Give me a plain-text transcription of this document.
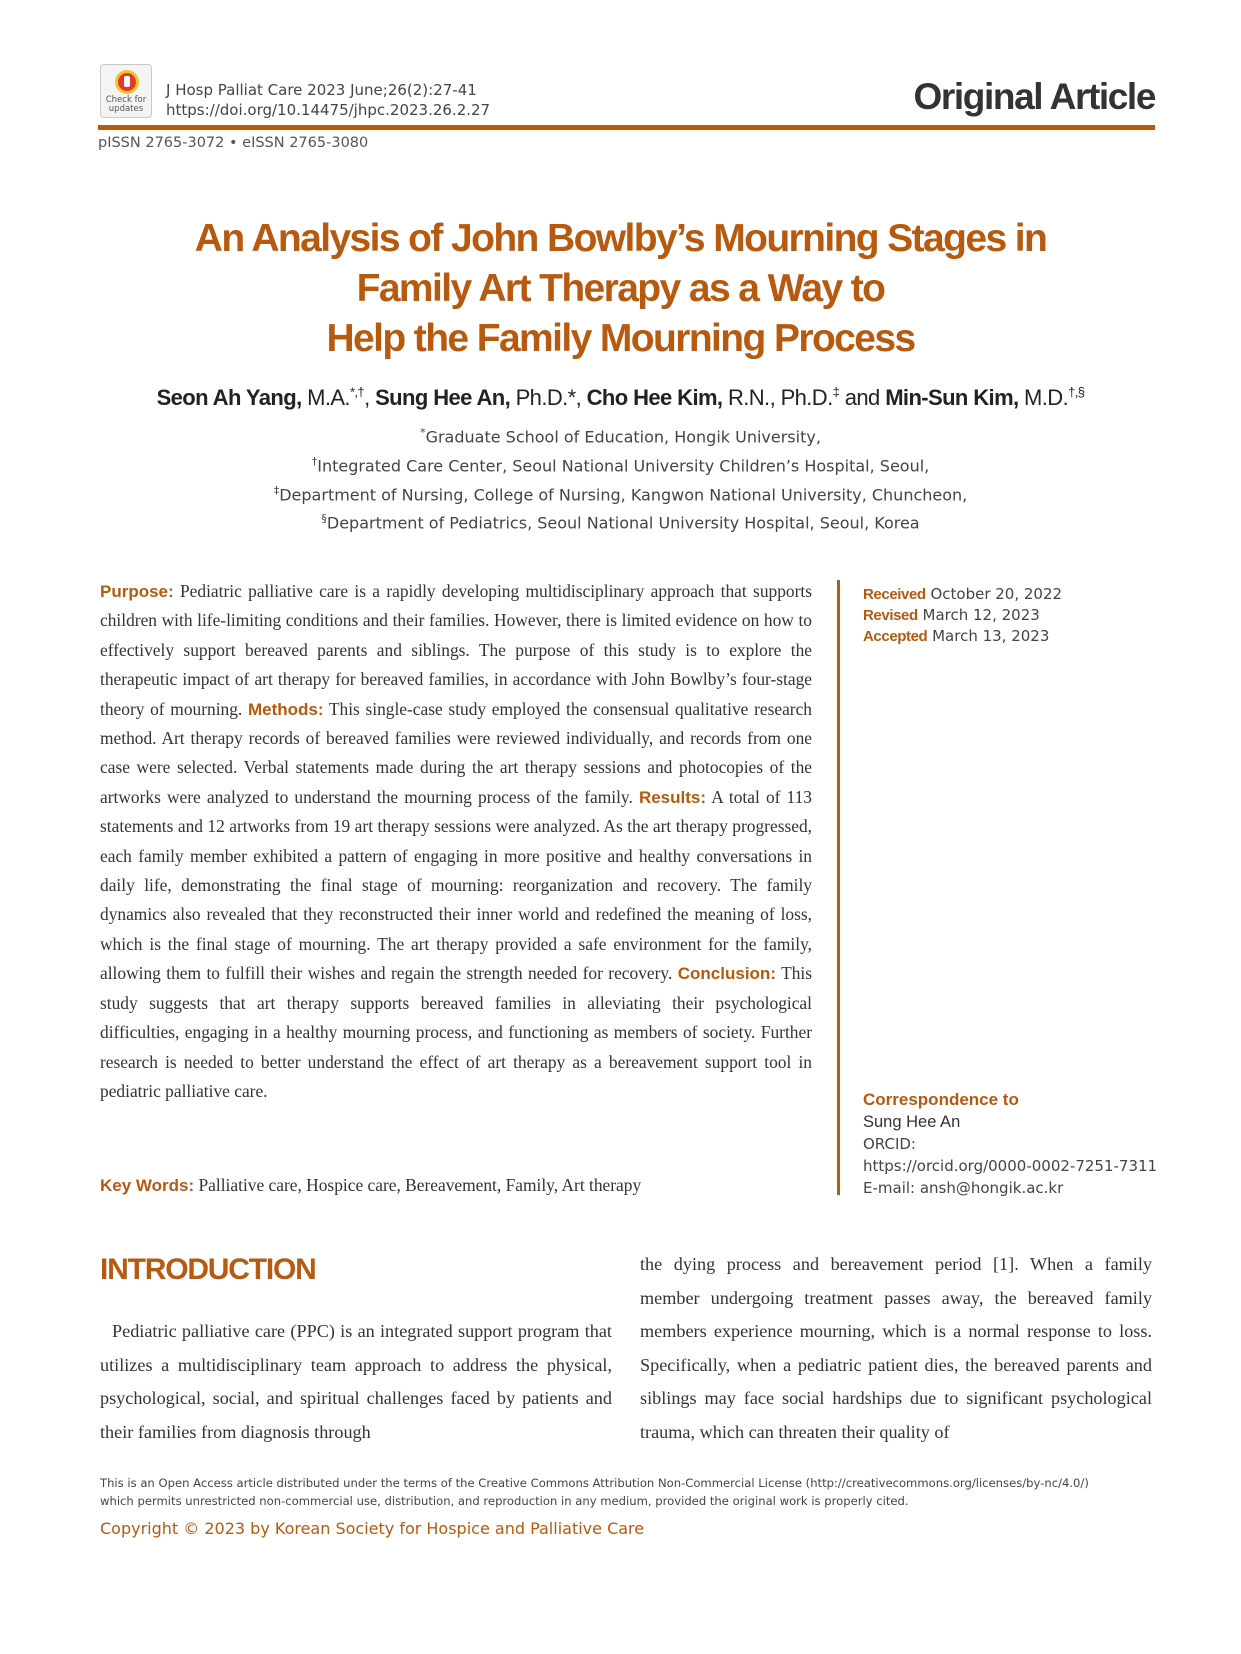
Check for updates
J Hosp Palliat Care 2023 June;26(2):27-41
https://doi.org/10.14475/jhpc.2023.26.2.27	Original Article
pISSN 2765-3072 • eISSN 2765-3080
An Analysis of John Bowlby’s Mourning Stages in
Family Art Therapy as a Way to
Help the Family Mourning Process
Seon Ah Yang, M.A.*,†, Sung Hee An, Ph.D.*, Cho Hee Kim, R.N., Ph.D.‡ and Min-Sun Kim, M.D.†,§
*Graduate School of Education, Hongik University,
†Integrated Care Center, Seoul National University Children’s Hospital, Seoul,
‡Department of Nursing, College of Nursing, Kangwon National University, Chuncheon,
§Department of Pediatrics, Seoul National University Hospital, Seoul, Korea
Purpose: Pediatric palliative care is a rapidly developing multidisciplinary approach that supports children with life-limiting conditions and their families. However, there is limited evidence on how to effectively support bereaved parents and siblings. The purpose of this study is to explore the therapeutic impact of art therapy for bereaved families, in accordance with John Bowlby’s four-stage theory of mourning. Methods: This single-case study employed the consensual qualitative research method. Art therapy records of bereaved families were reviewed individually, and records from one case were selected. Verbal statements made during the art therapy sessions and photocopies of the artworks were analyzed to understand the mourning process of the family. Results: A total of 113 statements and 12 artworks from 19 art therapy sessions were analyzed. As the art therapy progressed, each family member exhibited a pattern of engaging in more positive and healthy conversations in daily life, demonstrating the final stage of mourning: reorganization and recovery. The family dynamics also revealed that they reconstructed their inner world and redefined the meaning of loss, which is the final stage of mourning. The art therapy provided a safe environment for the family, allowing them to fulfill their wishes and regain the strength needed for recovery. Conclusion: This study suggests that art therapy supports bereaved families in alleviating their psychological difficulties, engaging in a healthy mourning process, and functioning as members of society. Further research is needed to better understand the effect of art therapy as a bereavement support tool in pediatric palliative care.
Key Words: Palliative care, Hospice care, Bereavement, Family, Art therapy
Received October 20, 2022
Revised March 12, 2023
Accepted March 13, 2023
Correspondence to
Sung Hee An
ORCID:
https://orcid.org/0000-0002-7251-7311
E-mail: ansh@hongik.ac.kr
INTRODUCTION
Pediatric palliative care (PPC) is an integrated support program that utilizes a multidisciplinary team approach to address the physical, psychological, social, and spiritual challenges faced by patients and their families from diagnosis through
the dying process and bereavement period [1]. When a family member undergoing treatment passes away, the bereaved family members experience mourning, which is a normal response to loss. Specifically, when a pediatric patient dies, the bereaved parents and siblings may face social hardships due to significant psychological trauma, which can threaten their quality of
This is an Open Access article distributed under the terms of the Creative Commons Attribution Non-Commercial License (http://creativecommons.org/licenses/by-nc/4.0/)
which permits unrestricted non-commercial use, distribution, and reproduction in any medium, provided the original work is properly cited.
Copyright © 2023 by Korean Society for Hospice and Palliative Care
